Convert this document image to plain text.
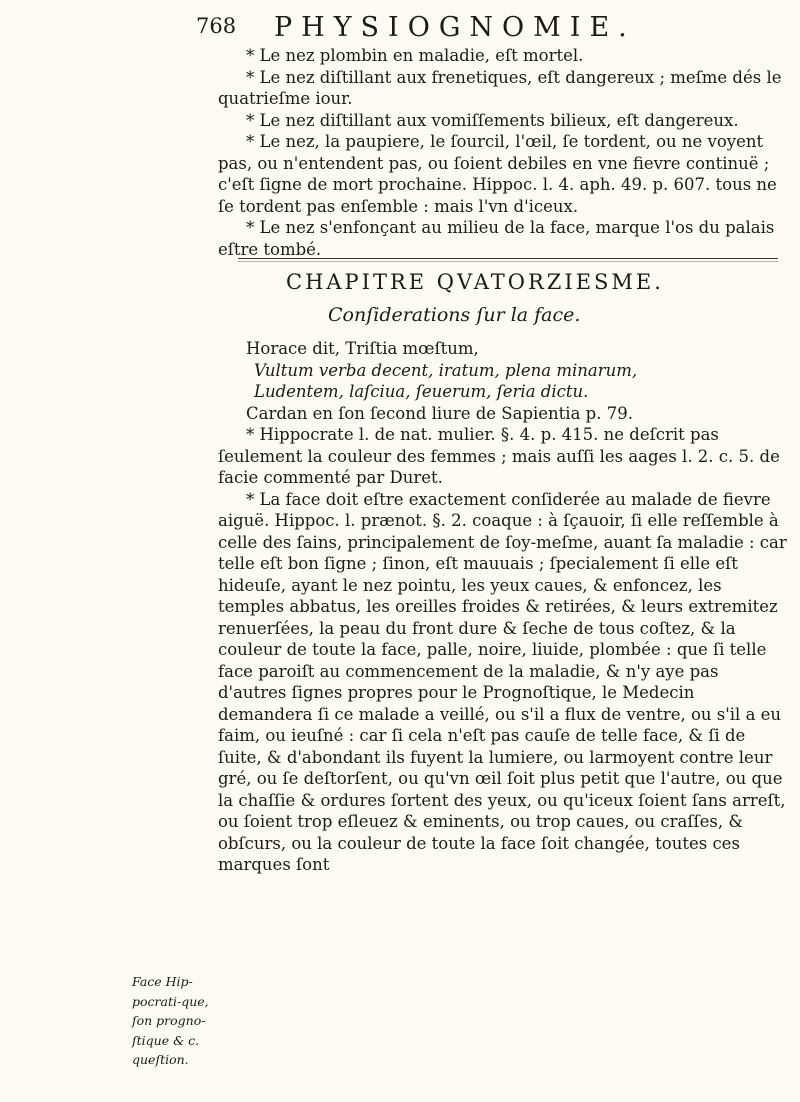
768 PHYSIOGNOMIE.

* Le nez plombin en maladie, eſt mortel.

* Le nez diſtillant aux frenetiques, eſt dangereux ; meſme dés le quatrieſme iour.

* Le nez diſtillant aux vomiſſements bilieux, eſt dangereux.

* Le nez, la paupiere, le ſourcil, l'œil, ſe tordent, ou ne voyent pas, ou n'entendent pas, ou ſoient debiles en vne fievre continuë ; c'eſt ſigne de mort prochaine. Hippoc. l. 4. aph. 49. p. 607. tous ne ſe tordent pas enſemble : mais l'vn d'iceux.

* Le nez s'enfonçant au milieu de la face, marque l'os du palais eſtre tombé.

CHAPITRE QVATORZIESME.
Conſiderations ſur la face.

Horace dit, Triſtia mœſtum,

Vultum verba decent, iratum, plena minarum,

Ludentem, laſciua, ſeuerum, ſeria dictu.

Cardan en ſon ſecond liure de Sapientia p. 79.

* Hippocrate l. de nat. mulier. §. 4. p. 415. ne deſcrit pas ſeulement la couleur des femmes ; mais auſſi les aages l. 2. c. 5. de facie commenté par Duret.

* La face doit eſtre exactement conſiderée au malade de fievre aiguë. Hippoc. l. prænot. §. 2. coaque : à ſçauoir, ſi elle reſſemble à celle des ſains, principalement de ſoy-meſme, auant ſa maladie : car telle eſt bon ſigne ; ſinon, eſt mauuais ; ſpecialement ſi elle eſt hideuſe, ayant le nez pointu, les yeux caues, & enfoncez, les temples abbatus, les oreilles froides & retirées, & leurs extremitez renuerſées, la peau du front dure & ſeche de tous coſtez, & la couleur de toute la face, palle, noire, liuide, plombée : que ſi telle face paroiſt au commencement de la maladie, & n'y aye pas d'autres ſignes propres pour le Prognoſtique, le Medecin demandera ſi ce malade a veillé, ou s'il a flux de ventre, ou s'il a eu faim, ou ieuſné : car ſi cela n'eſt pas cauſe de telle face, & ſi de ſuite, & d'abondant ils fuyent la lumiere, ou larmoyent contre leur gré, ou ſe deſtorſent, ou qu'vn œil ſoit plus petit que l'autre, ou que la chaſſie & ordures ſortent des yeux, ou qu'iceux ſoient ſans arreſt, ou ſoient trop eſleuez & eminents, ou trop caues, ou craſſes, & obſcurs, ou la couleur de toute la face ſoit changée, toutes ces marques ſont

Face Hip-pocrati-que, ſon progno-ſtique & c. queſtion.
